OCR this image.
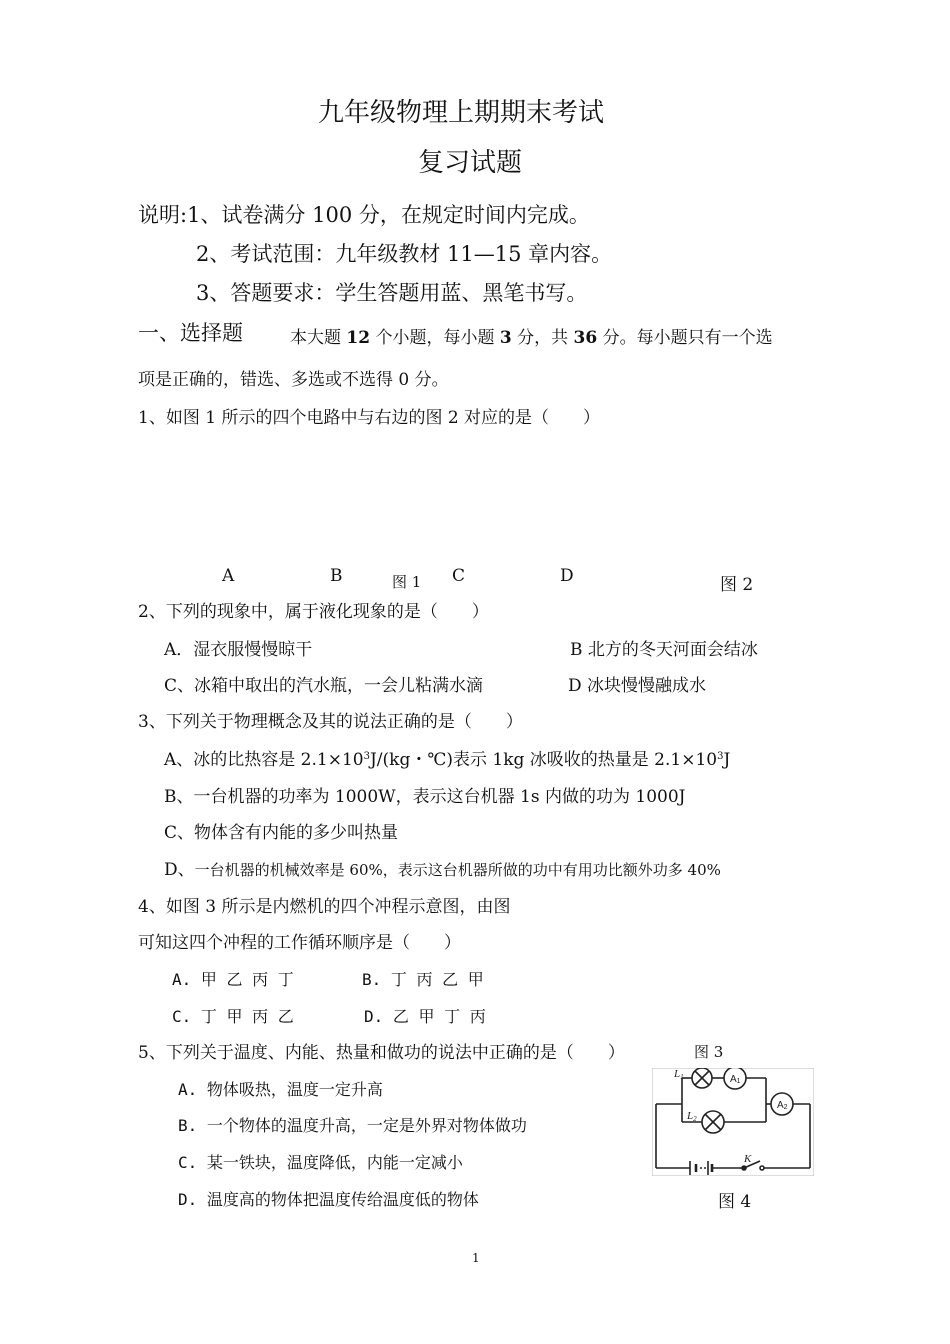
九年级物理上期期末考试
复习试题
说明:1、试卷满分 100 分，在规定时间内完成。
2、考试范围：九年级教材 11—15 章内容。
3、答题要求：学生答题用蓝、黑笔书写。
一、选择题	本大题 12 个小题，每小题 3 分，共 36 分。每小题只有一个选
项是正确的，错选、多选或不选得 0 分。
1、如图 1 所示的四个电路中与右边的图 2 对应的是（　　）
A	B	图 1 C	D	图 2
2、下列的现象中，属于液化现象的是（　　）
A．湿衣服慢慢晾干	B 北方的冬天河面会结冰
C、冰箱中取出的汽水瓶，一会儿粘满水滴	D 冰块慢慢融成水
3、下列关于物理概念及其的说法正确的是（　　）
A、冰的比热容是 $2.1\times 10^3J/(kg$・℃)表示 1kg 冰吸收的热量是 $2.1\times 10^3J$
B、一台机器的功率为 1000W，表示这台机器 1s 内做的功为 1000J
C、物体含有内能的多少叫热量
D、一台机器的机械效率是 60%，表示这台机器所做的功中有用功比额外功多 40%
4、如图 3 所示是内燃机的四个冲程示意图，由图
可知这四个冲程的工作循环顺序是（　　）
A. 甲 乙 丙 丁	B. 丁 丙 乙 甲
C. 丁 甲 丙 乙	D. 乙 甲 丁 丙
5、下列关于温度、内能、热量和做功的说法中正确的是（　　）	图 3
A. 物体吸热，温度一定升高
B. 一个物体的温度升高，一定是外界对物体做功
C. 某一铁块，温度降低，内能一定减小
D. 温度高的物体把温度传给温度低的物体	图 4
L1
L2
K
A1
A2
1
